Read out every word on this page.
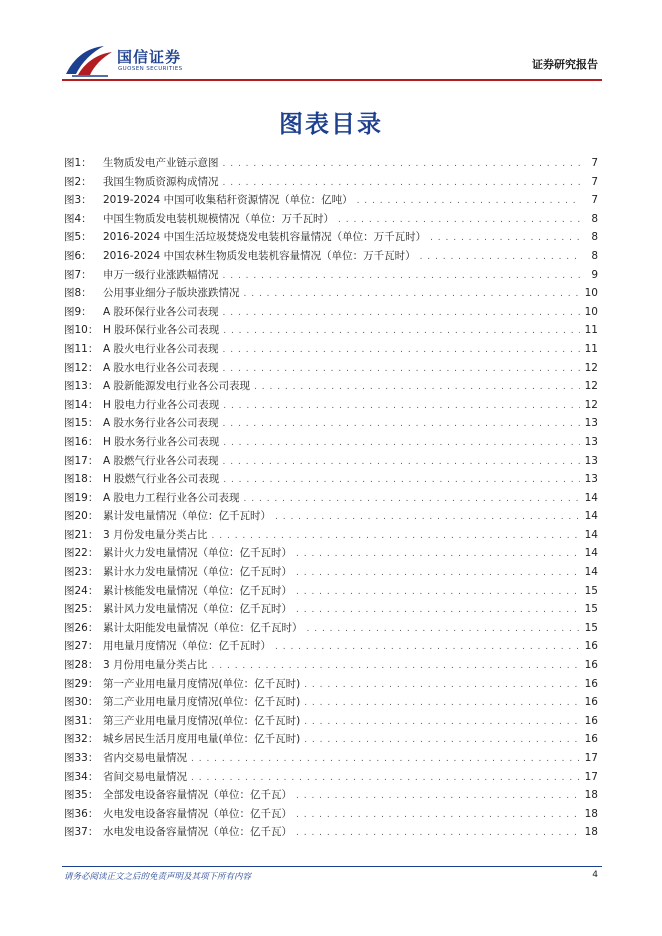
国信证券
GUOSEN SECURITIES	证券研究报告
图表目录
图1：	生物质发电产业链示意图 . . .	7
图2：	我国生物质资源构成情况 . . .	7
图3：	2019-2024 中国可收集秸秆资源情况（单位：亿吨） . . .	7
图4：	中国生物质发电装机规模情况（单位：万千瓦时） . . .	8
图5：	2016-2024 中国生活垃圾焚烧发电装机容量情况（单位：万千瓦时） . . .	8
图6：	2016-2024 中国农林生物质发电装机容量情况（单位：万千瓦时） . . .	8
图7：	申万一级行业涨跌幅情况 . . .	9
图8：	公用事业细分子版块涨跌情况 . . .	10
图9：	A 股环保行业各公司表现 . . .	10
图10： H 股环保行业各公司表现 . . .	11
图11： A 股火电行业各公司表现 . . .	11
图12： A 股水电行业各公司表现 . . .	12
图13： A 股新能源发电行业各公司表现 . . .	12
图14： H 股电力行业各公司表现 . . .	12
图15： A 股水务行业各公司表现 . . .	13
图16： H 股水务行业各公司表现 . . .	13
图17： A 股燃气行业各公司表现 . . .	13
图18： H 股燃气行业各公司表现 . . .	13
图19： A 股电力工程行业各公司表现 . . .	14
图20： 累计发电量情况（单位：亿千瓦时） . . .	14
图21： 3 月份发电量分类占比 . . .	14
图22： 累计火力发电量情况（单位：亿千瓦时） . . .	14
图23： 累计水力发电量情况（单位：亿千瓦时） . . .	14
图24： 累计核能发电量情况（单位：亿千瓦时） . . .	15
图25： 累计风力发电量情况（单位：亿千瓦时） . . .	15
图26： 累计太阳能发电量情况（单位：亿千瓦时） . . .	15
图27： 用电量月度情况（单位：亿千瓦时） . . .	16
图28： 3 月份用电量分类占比 . . .	16
图29： 第一产业用电量月度情况(单位：亿千瓦时) . . .	16
图30： 第二产业用电量月度情况(单位：亿千瓦时) . . .	16
图31： 第三产业用电量月度情况(单位：亿千瓦时) . . .	16
图32： 城乡居民生活月度用电量(单位：亿千瓦时) . . .	16
图33： 省内交易电量情况 . . .	17
图34： 省间交易电量情况 . . .	17
图35： 全部发电设备容量情况（单位：亿千瓦） . . .	18
图36： 火电发电设备容量情况（单位：亿千瓦） . . .	18
图37： 水电发电设备容量情况（单位：亿千瓦） . . .	18
请务必阅读正文之后的免责声明及其项下所有内容	4
